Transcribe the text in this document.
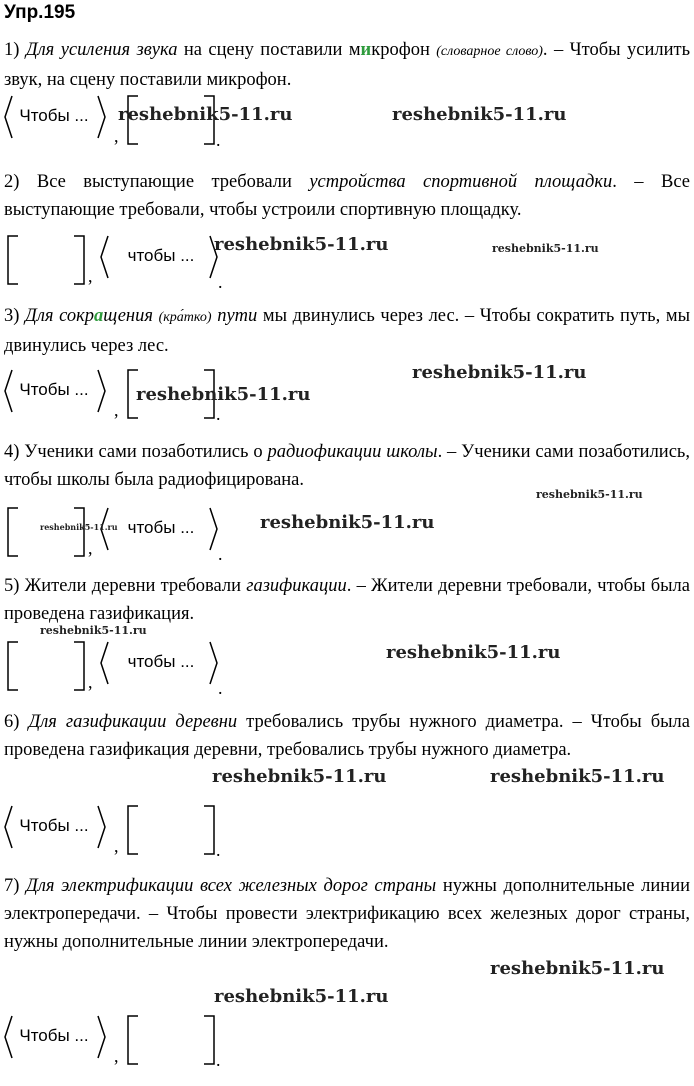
Упр.195
1) Для усиления звука на сцену поставили микрофон (словарное слово). – Чтобы усилить звук, на сцену поставили микрофон.
Чтобы ...
,	.
reshebnik5-11.ru	reshebnik5-11.ru
2) Все выступающие требовали устройства спортивной площадки. – Все выступающие требовали, чтобы устроили спортивную площадку.
,
чтобы ...
.
reshebnik5-11.ru	reshebnik5-11.ru
3) Для сокращения (кра́тко) пути мы двинулись через лес. – Чтобы сократить путь, мы двинулись через лес.
Чтобы ...
,	.
reshebnik5-11.ru
reshebnik5-11.ru
4) Ученики сами позаботились о радиофикации школы. – Ученики сами позаботились, чтобы школы была радиофицирована.
reshebnik5-11.ru
,
чтобы ...
.
reshebnik5-11.ru	reshebnik5-11.ru
5) Жители деревни требовали газификации. – Жители деревни требовали, чтобы была проведена газификация.
reshebnik5-11.ru
,
чтобы ...
.
reshebnik5-11.ru
6) Для газификации деревни требовались трубы нужного диаметра. – Чтобы была проведена газификация деревни, требовались трубы нужного диаметра.
reshebnik5-11.ru	reshebnik5-11.ru
Чтобы ...
,	.
7) Для электрификации всех железных дорог страны нужны дополнительные линии электропередачи. – Чтобы провести электрификацию всех железных дорог страны, нужны дополнительные линии электропередачи.
reshebnik5-11.ru
reshebnik5-11.ru
Чтобы ...
,	.
